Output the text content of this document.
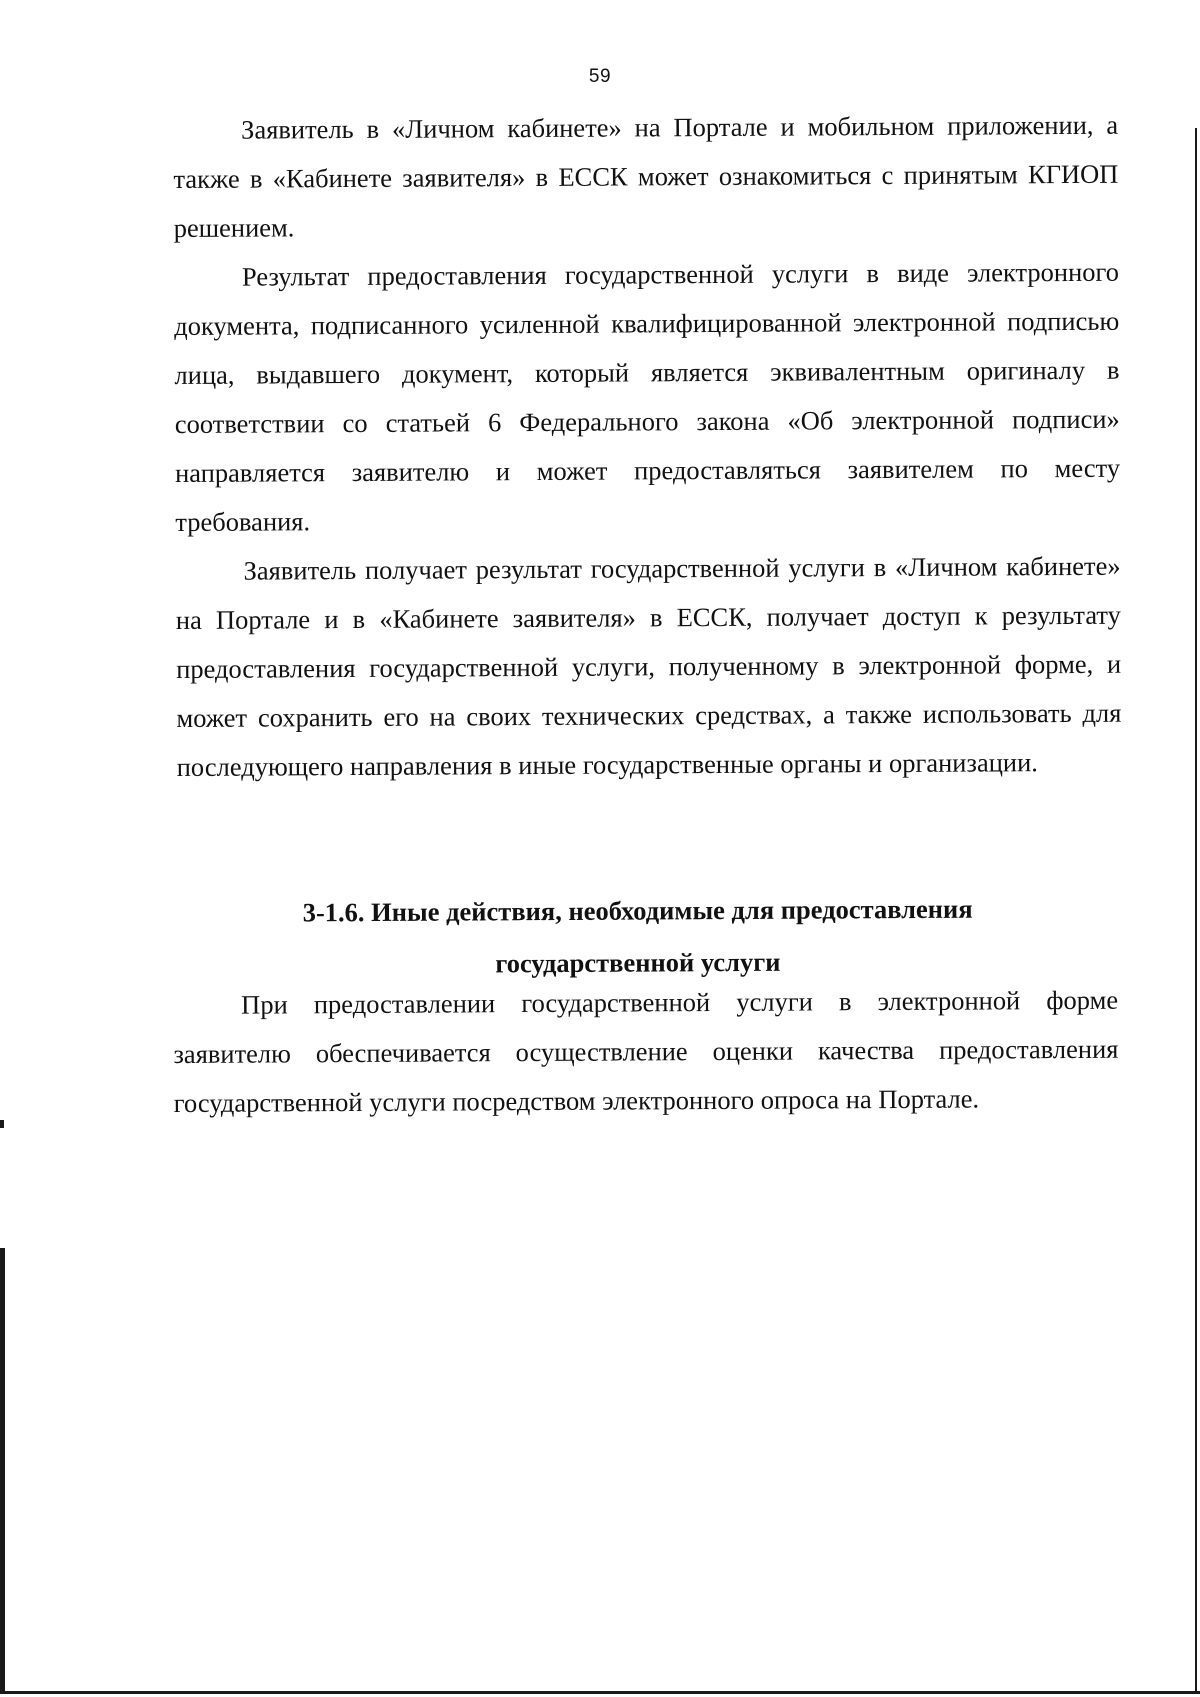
59

Заявитель в «Личном кабинете» на Портале и мобильном приложении, а также в «Кабинете заявителя» в ЕССК может ознакомиться с принятым КГИОП решением.

Результат предоставления государственной услуги в виде электронного документа, подписанного усиленной квалифицированной электронной подписью лица, выдавшего документ, который является эквивалентным оригиналу в соответствии со статьей 6 Федерального закона «Об электронной подписи» направляется заявителю и может предоставляться заявителем по месту требования.

Заявитель получает результат государственной услуги в «Личном кабинете» на Портале и в «Кабинете заявителя» в ЕССК, получает доступ к результату предоставления государственной услуги, полученному в электронной форме, и может сохранить его на своих технических средствах, а также использовать для последующего направления в иные государственные органы и организации.

3-1.6. Иные действия, необходимые для предоставления
государственной услуги

При предоставлении государственной услуги в электронной форме заявителю обеспечивается осуществление оценки качества предоставления государственной услуги посредством электронного опроса на Портале.
